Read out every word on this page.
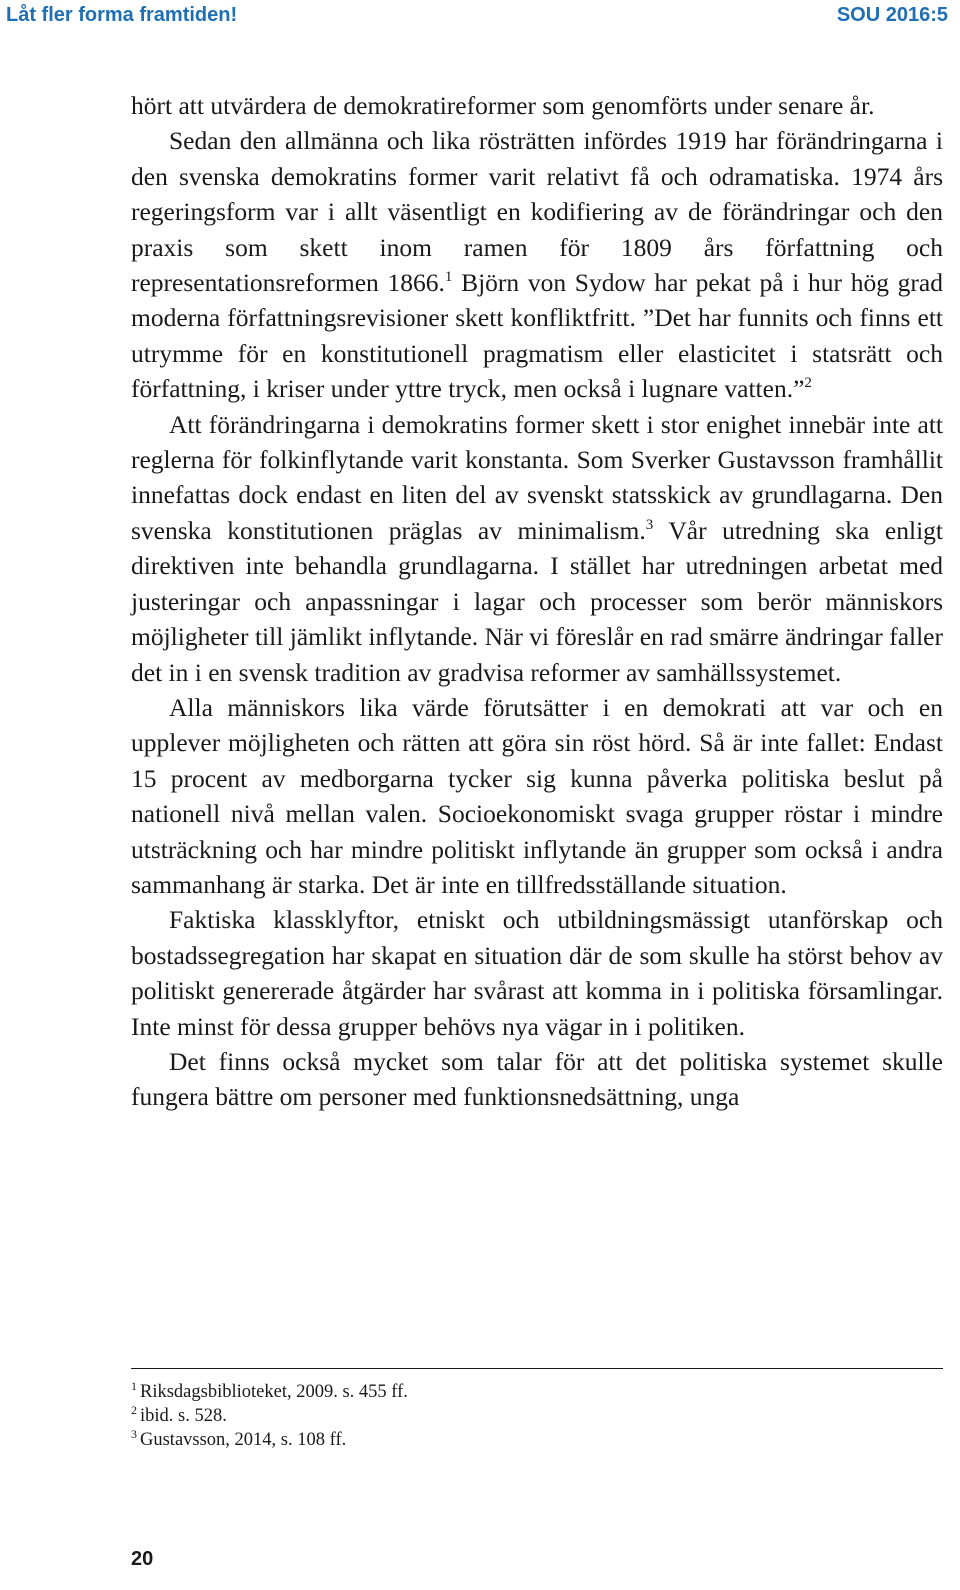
Låt fler forma framtiden!	SOU 2016:5

hört att utvärdera de demokratireformer som genomförts under senare år.

Sedan den allmänna och lika rösträtten infördes 1919 har förändringarna i den svenska demokratins former varit relativt få och odramatiska. 1974 års regeringsform var i allt väsentligt en kodifiering av de förändringar och den praxis som skett inom ramen för 1809 års författning och representationsreformen 1866.$^1$ Björn von Sydow har pekat på i hur hög grad moderna författningsrevisioner skett konfliktfritt. ”Det har funnits och finns ett utrymme för en konstitutionell pragmatism eller elasticitet i statsrätt och författning, i kriser under yttre tryck, men också i lugnare vatten.”$^2$

Att förändringarna i demokratins former skett i stor enighet innebär inte att reglerna för folkinflytande varit konstanta. Som Sverker Gustavsson framhållit innefattas dock endast en liten del av svenskt statsskick av grundlagarna. Den svenska konstitutionen präglas av minimalism.$^3$ Vår utredning ska enligt direktiven inte behandla grundlagarna. I stället har utredningen arbetat med justeringar och anpassningar i lagar och processer som berör människors möjligheter till jämlikt inflytande. När vi föreslår en rad smärre ändringar faller det in i en svensk tradition av gradvisa reformer av samhällssystemet.

Alla människors lika värde förutsätter i en demokrati att var och en upplever möjligheten och rätten att göra sin röst hörd. Så är inte fallet: Endast 15 procent av medborgarna tycker sig kunna påverka politiska beslut på nationell nivå mellan valen. Socioekonomiskt svaga grupper röstar i mindre utsträckning och har mindre politiskt inflytande än grupper som också i andra sammanhang är starka. Det är inte en tillfredsställande situation.

Faktiska klassklyftor, etniskt och utbildningsmässigt utanförskap och bostadssegregation har skapat en situation där de som skulle ha störst behov av politiskt genererade åtgärder har svårast att komma in i politiska församlingar. Inte minst för dessa grupper behövs nya vägar in i politiken.

Det finns också mycket som talar för att det politiska systemet skulle fungera bättre om personer med funktionsnedsättning, unga

$^1$ Riksdagsbiblioteket, 2009. s. 455 ff.

$^2$ ibid. s. 528.

$^3$ Gustavsson, 2014, s. 108 ff.

20
